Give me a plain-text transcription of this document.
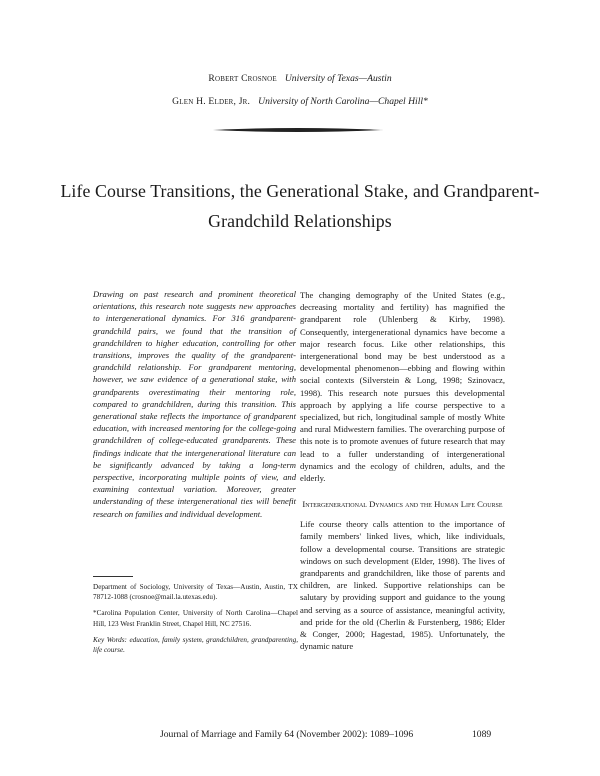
Robert Crosnoe University of Texas—Austin
Glen H. Elder, Jr. University of North Carolina—Chapel Hill*
Life Course Transitions, the Generational Stake, and Grandparent-Grandchild Relationships
Drawing on past research and prominent theoretical orientations, this research note suggests new approaches to intergenerational dynamics. For 316 grandparent-grandchild pairs, we found that the transition of grandchildren to higher education, controlling for other transitions, improves the quality of the grandparent-grandchild relationship. For grandparent mentoring, however, we saw evidence of a generational stake, with grandparents overestimating their mentoring role, compared to grandchildren, during this transition. This generational stake reflects the importance of grandparent education, with increased mentoring for the college-going grandchildren of college-educated grandparents. These findings indicate that the intergenerational literature can be significantly advanced by taking a long-term perspective, incorporating multiple points of view, and examining contextual variation. Moreover, greater understanding of these intergenerational ties will benefit research on families and individual development.
Department of Sociology, University of Texas—Austin, Austin, TX 78712-1088 (crosnoe@mail.la.utexas.edu).
*Carolina Population Center, University of North Carolina—Chapel Hill, 123 West Franklin Street, Chapel Hill, NC 27516.
Key Words: education, family system, grandchildren, grandparenting, life course.
The changing demography of the United States (e.g., decreasing mortality and fertility) has magnified the grandparent role (Uhlenberg & Kirby, 1998). Consequently, intergenerational dynamics have become a major research focus. Like other relationships, this intergenerational bond may be best understood as a developmental phenomenon—ebbing and flowing within social contexts (Silverstein & Long, 1998; Szinovacz, 1998). This research note pursues this developmental approach by applying a life course perspective to a specialized, but rich, longitudinal sample of mostly White and rural Midwestern families. The overarching purpose of this note is to promote avenues of future research that may lead to a fuller understanding of intergenerational dynamics and the ecology of children, adults, and the elderly.
Intergenerational Dynamics and the Human Life Course
Life course theory calls attention to the importance of family members' linked lives, which, like individuals, follow a developmental course. Transitions are strategic windows on such development (Elder, 1998). The lives of grandparents and grandchildren, like those of parents and children, are linked. Supportive relationships can be salutary by providing support and guidance to the young and serving as a source of assistance, meaningful activity, and pride for the old (Cherlin & Furstenberg, 1986; Elder & Conger, 2000; Hagestad, 1985). Unfortunately, the dynamic nature
Journal of Marriage and Family 64 (November 2002): 1089–1096	1089
